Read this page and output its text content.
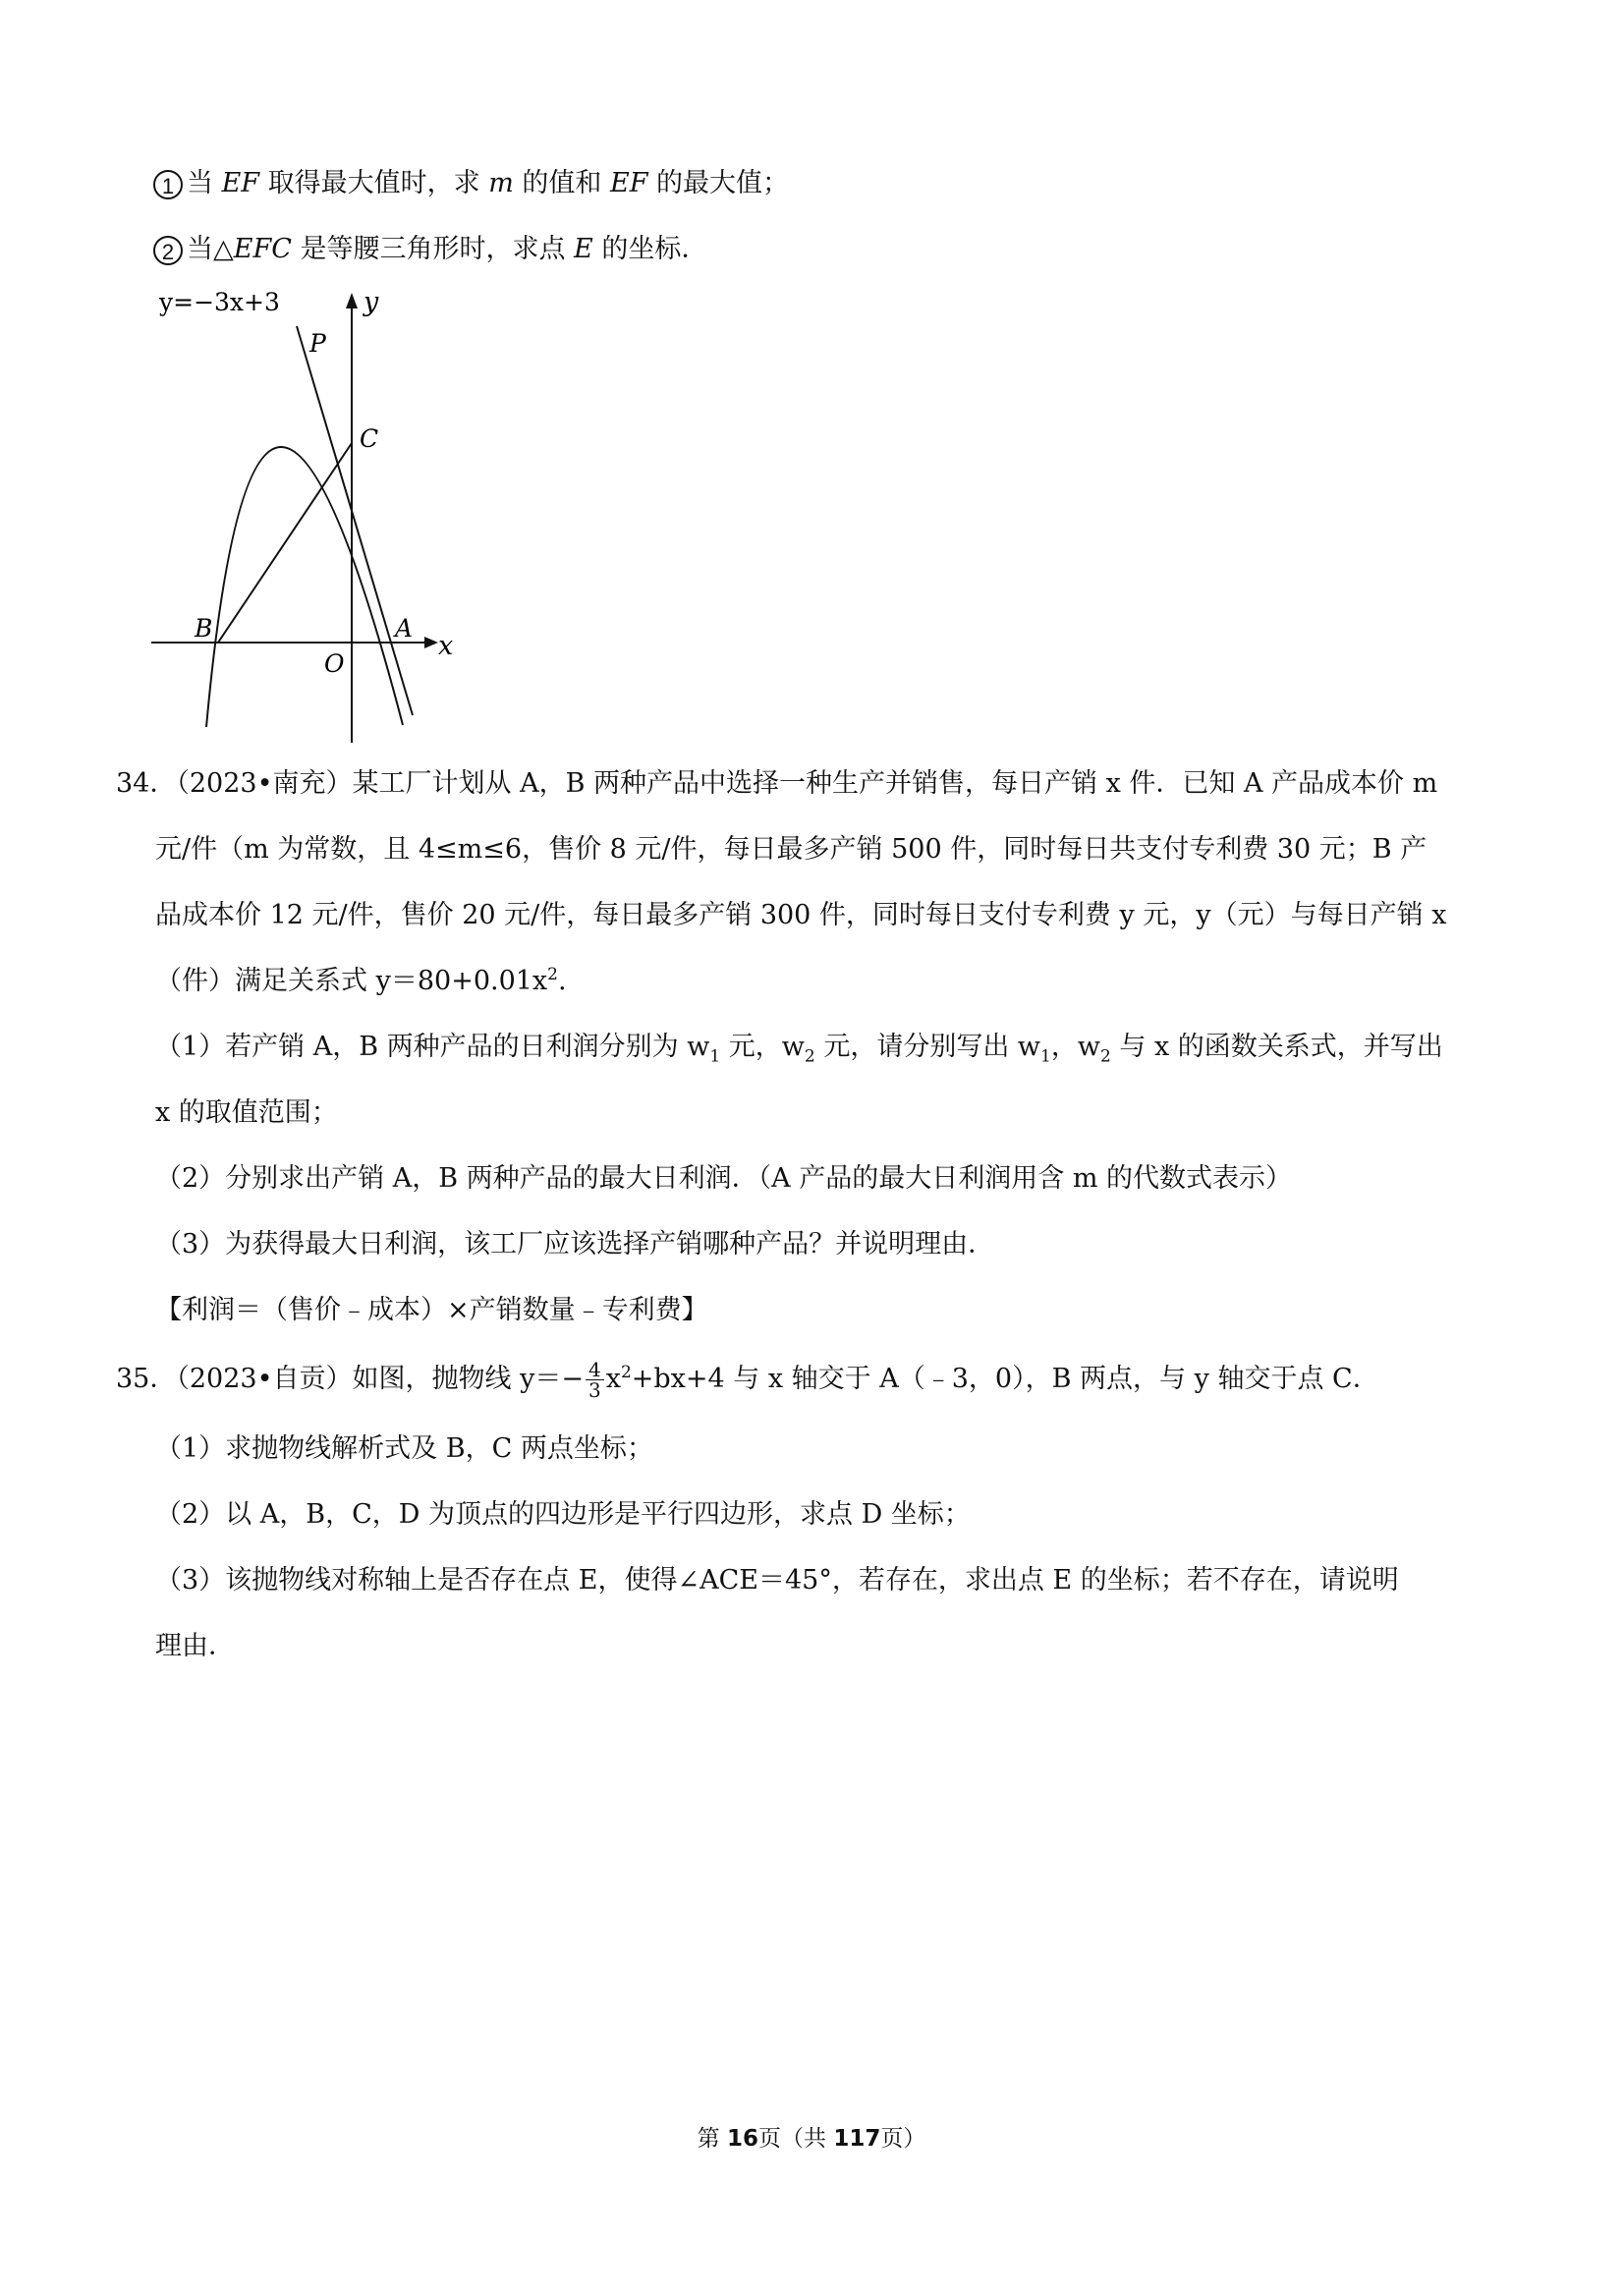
1 当 EF 取得最大值时，求 m 的值和 EF 的最大值；
2 当△EFC 是等腰三角形时，求点 E 的坐标．
y=−3x+3	y
x
P
C
B	A
O
34．（2023•南充）某工厂计划从 A，B 两种产品中选择一种生产并销售，每日产销 x 件．已知 A 产品成本价 m
元/件（m 为常数，且 4≤m≤6，售价 8 元/件，每日最多产销 500 件，同时每日共支付专利费 30 元；B 产
品成本价 12 元/件，售价 20 元/件，每日最多产销 300 件，同时每日支付专利费 y 元，y（元）与每日产销 x
（件）满足关系式 $y=80+0.01x^2$.
（1）若产销 A，B 两种产品的日利润分别为 $w_1$ 元，$w_2$ 元，请分别写出 $w_1$，$w_2$ 与 x 的函数关系式，并写出
x 的取值范围；
（2）分别求出产销 A，B 两种产品的最大日利润．（A 产品的最大日利润用含 m 的代数式表示）
（3）为获得最大日利润，该工厂应该选择产销哪种产品？并说明理由．
【利润＝（售价﹣成本）×产销数量﹣专利费】
35．（2023•自贡）如图，抛物线 $y=- \frac{4}{3} x^2+bx+4$ 与 x 轴交于 A（﹣3，0），B 两点，与 y 轴交于点 C．
（1）求抛物线解析式及 B，C 两点坐标；
（2）以 A，B，C，D 为顶点的四边形是平行四边形，求点 D 坐标；
（3）该抛物线对称轴上是否存在点 E，使得∠ACE＝45°，若存在，求出点 E 的坐标；若不存在，请说明
理由．
第 16页（共 117页）
